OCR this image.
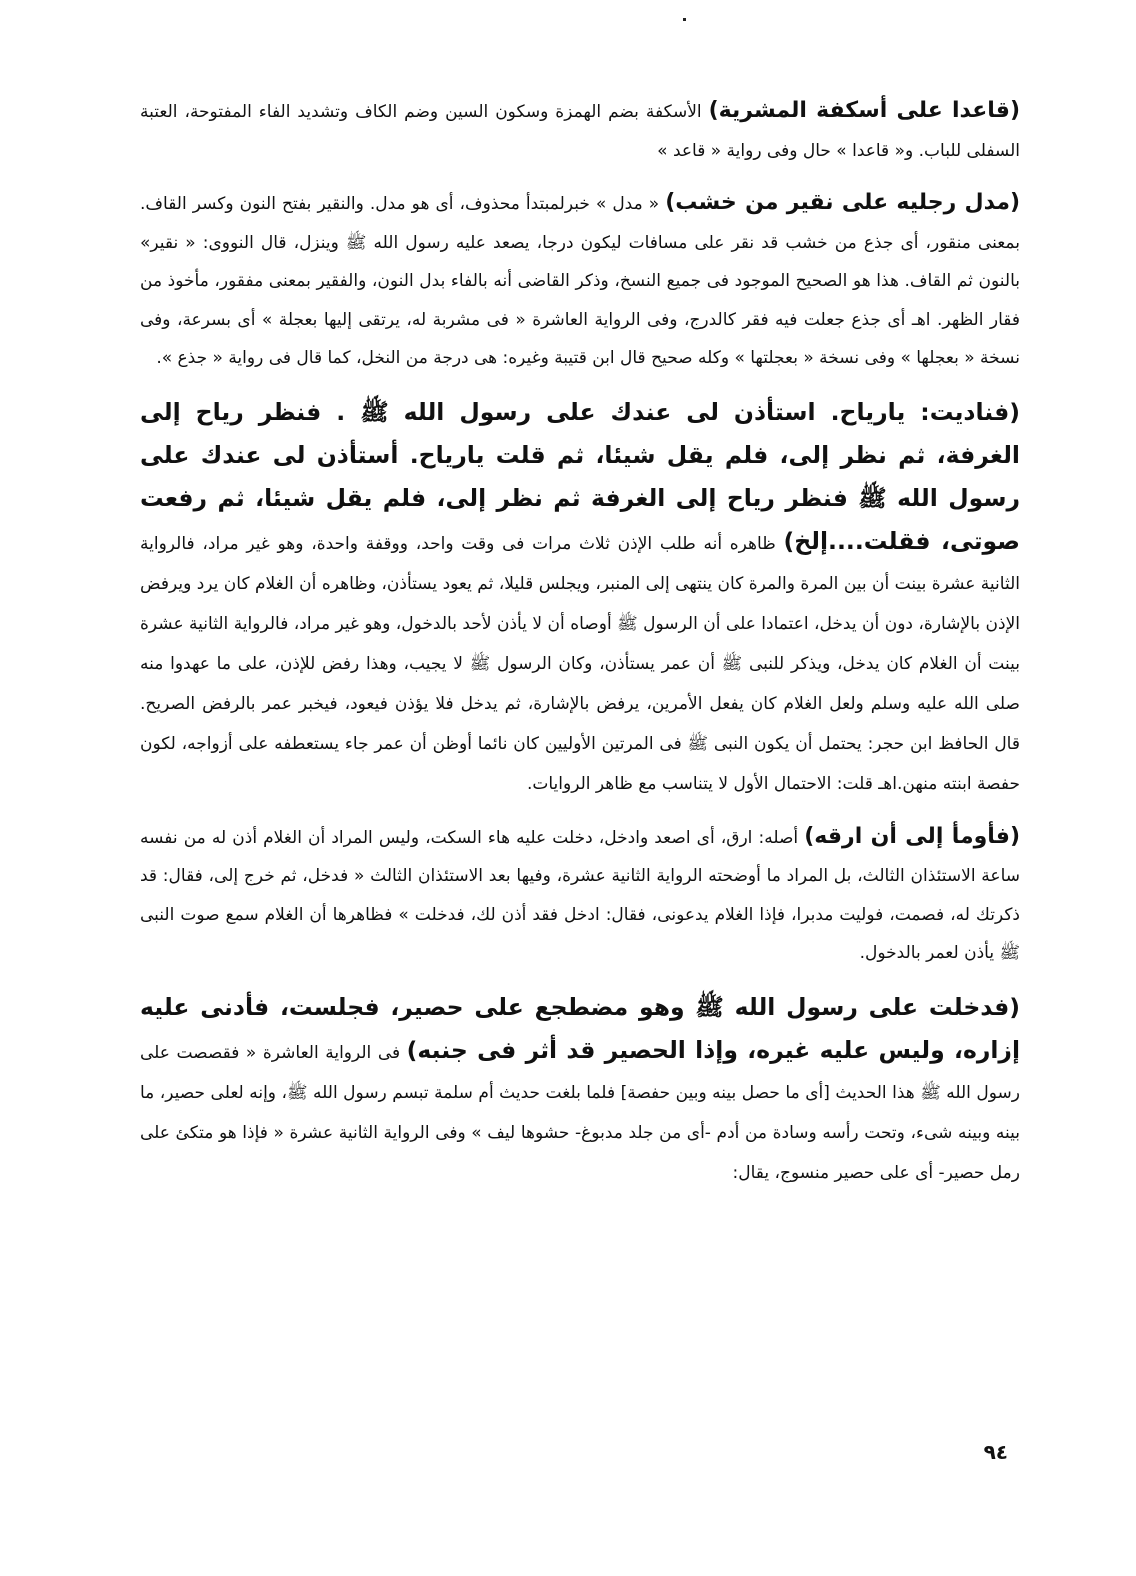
(قاعدا على أسكفة المشرية) الأسكفة بضم الهمزة وسكون السين وضم الكاف وتشديد الفاء المفتوحة، العتبة السفلى للباب. و« قاعدا » حال وفى رواية « قاعد »

(مدل رجليه على نقير من خشب) « مدل » خبرلمبتدأ محذوف، أى هو مدل. والنقير بفتح النون وكسر القاف. بمعنى منقور، أى جذع من خشب قد نقر على مسافات ليكون درجا، يصعد عليه رسول الله ﷺ وينزل، قال النووى: « نقير» بالنون ثم القاف. هذا هو الصحيح الموجود فى جميع النسخ، وذكر القاضى أنه بالفاء بدل النون، والفقير بمعنى مفقور، مأخوذ من فقار الظهر. اهـ أى جذع جعلت فيه فقر كالدرج، وفى الرواية العاشرة « فى مشربة له، يرتقى إليها بعجلة » أى بسرعة، وفى نسخة « بعجلها » وفى نسخة « بعجلتها » وكله صحيح قال ابن قتيبة وغيره: هى درجة من النخل، كما قال فى رواية « جذع ».

(فناديت: يارياح. استأذن لى عندك على رسول الله ﷺ . فنظر رياح إلى الغرفة، ثم نظر إلى، فلم يقل شيئا، ثم قلت يارياح. أستأذن لى عندك على رسول الله ﷺ فنظر رياح إلى الغرفة ثم نظر إلى، فلم يقل شيئا، ثم رفعت صوتى، فقلت....إلخ) ظاهره أنه طلب الإذن ثلاث مرات فى وقت واحد، ووقفة واحدة، وهو غير مراد، فالرواية الثانية عشرة بينت أن بين المرة والمرة كان ينتهى إلى المنبر، ويجلس قليلا، ثم يعود يستأذن، وظاهره أن الغلام كان يرد ويرفض الإذن بالإشارة، دون أن يدخل، اعتمادا على أن الرسول ﷺ أوصاه أن لا يأذن لأحد بالدخول، وهو غير مراد، فالرواية الثانية عشرة بينت أن الغلام كان يدخل، ويذكر للنبى ﷺ أن عمر يستأذن، وكان الرسول ﷺ لا يجيب، وهذا رفض للإذن، على ما عهدوا منه صلى الله عليه وسلم ولعل الغلام كان يفعل الأمرين، يرفض بالإشارة، ثم يدخل فلا يؤذن فيعود، فيخبر عمر بالرفض الصريح. قال الحافظ ابن حجر: يحتمل أن يكون النبى ﷺ فى المرتين الأوليين كان نائما أوظن أن عمر جاء يستعطفه على أزواجه، لكون حفصة ابنته منهن.اهـ قلت: الاحتمال الأول لا يتناسب مع ظاهر الروايات.

(فأومأ إلى أن ارقه) أصله: ارق، أى اصعد وادخل، دخلت عليه هاء السكت، وليس المراد أن الغلام أذن له من نفسه ساعة الاستئذان الثالث، بل المراد ما أوضحته الرواية الثانية عشرة، وفيها بعد الاستئذان الثالث « فدخل، ثم خرج إلى، فقال: قد ذكرتك له، فصمت، فوليت مدبرا، فإذا الغلام يدعونى، فقال: ادخل فقد أذن لك، فدخلت » فظاهرها أن الغلام سمع صوت النبى ﷺ يأذن لعمر بالدخول.

(فدخلت على رسول الله ﷺ وهو مضطجع على حصير، فجلست، فأدنى عليه إزاره، وليس عليه غيره، وإذا الحصير قد أثر فى جنبه) فى الرواية العاشرة « فقصصت على رسول الله ﷺ هذا الحديث [أى ما حصل بينه وبين حفصة] فلما بلغت حديث أم سلمة تبسم رسول الله ﷺ، وإنه لعلى حصير، ما بينه وبينه شىء، وتحت رأسه وسادة من أدم -أى من جلد مدبوغ- حشوها ليف » وفى الرواية الثانية عشرة « فإذا هو متكئ على رمل حصير- أى على حصير منسوج، يقال:

٩٤
